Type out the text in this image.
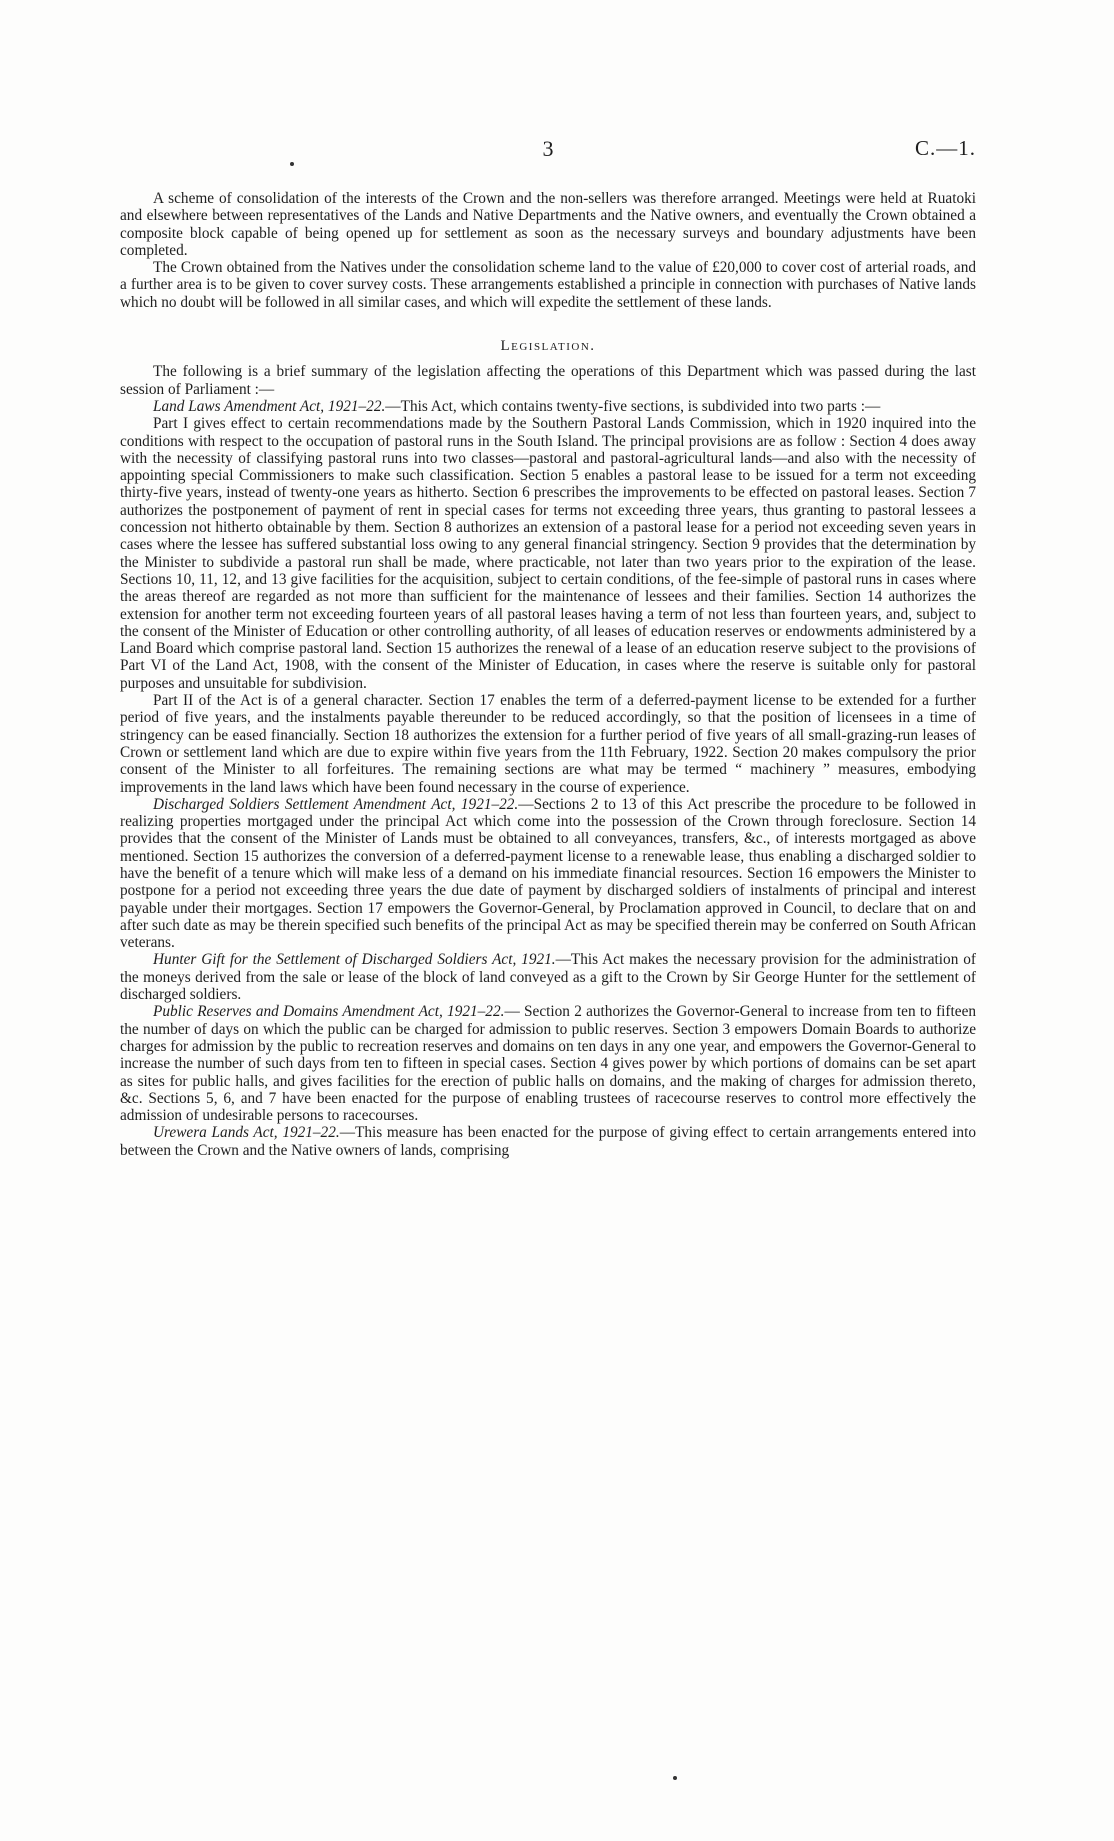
3	C.—1.

A scheme of consolidation of the interests of the Crown and the non-sellers was therefore arranged. Meetings were held at Ruatoki and elsewhere between representatives of the Lands and Native Departments and the Native owners, and eventually the Crown obtained a composite block capable of being opened up for settlement as soon as the necessary surveys and boundary adjustments have been completed.

The Crown obtained from the Natives under the consolidation scheme land to the value of £20,000 to cover cost of arterial roads, and a further area is to be given to cover survey costs. These arrangements established a principle in connection with purchases of Native lands which no doubt will be followed in all similar cases, and which will expedite the settlement of these lands.

Legislation.

The following is a brief summary of the legislation affecting the operations of this Department which was passed during the last session of Parliament :—

Land Laws Amendment Act, 1921–22.—This Act, which contains twenty-five sections, is subdivided into two parts :—

Part I gives effect to certain recommendations made by the Southern Pastoral Lands Commission, which in 1920 inquired into the conditions with respect to the occupation of pastoral runs in the South Island. The principal provisions are as follow : Section 4 does away with the necessity of classifying pastoral runs into two classes—pastoral and pastoral-agricultural lands—and also with the necessity of appointing special Commissioners to make such classification. Section 5 enables a pastoral lease to be issued for a term not exceeding thirty-five years, instead of twenty-one years as hitherto. Section 6 prescribes the improvements to be effected on pastoral leases. Section 7 authorizes the postponement of payment of rent in special cases for terms not exceeding three years, thus granting to pastoral lessees a concession not hitherto obtainable by them. Section 8 authorizes an extension of a pastoral lease for a period not exceeding seven years in cases where the lessee has suffered substantial loss owing to any general financial stringency. Section 9 provides that the determination by the Minister to subdivide a pastoral run shall be made, where practicable, not later than two years prior to the expiration of the lease. Sections 10, 11, 12, and 13 give facilities for the acquisition, subject to certain conditions, of the fee-simple of pastoral runs in cases where the areas thereof are regarded as not more than sufficient for the maintenance of lessees and their families. Section 14 authorizes the extension for another term not exceeding fourteen years of all pastoral leases having a term of not less than fourteen years, and, subject to the consent of the Minister of Education or other controlling authority, of all leases of education reserves or endowments administered by a Land Board which comprise pastoral land. Section 15 authorizes the renewal of a lease of an education reserve subject to the provisions of Part VI of the Land Act, 1908, with the consent of the Minister of Education, in cases where the reserve is suitable only for pastoral purposes and unsuitable for subdivision.

Part II of the Act is of a general character. Section 17 enables the term of a deferred-payment license to be extended for a further period of five years, and the instalments payable thereunder to be reduced accordingly, so that the position of licensees in a time of stringency can be eased financially. Section 18 authorizes the extension for a further period of five years of all small-grazing-run leases of Crown or settlement land which are due to expire within five years from the 11th February, 1922. Section 20 makes compulsory the prior consent of the Minister to all forfeitures. The remaining sections are what may be termed “ machinery ” measures, embodying improvements in the land laws which have been found necessary in the course of experience.

Discharged Soldiers Settlement Amendment Act, 1921–22.—Sections 2 to 13 of this Act prescribe the procedure to be followed in realizing properties mortgaged under the principal Act which come into the possession of the Crown through foreclosure. Section 14 provides that the consent of the Minister of Lands must be obtained to all conveyances, transfers, &c., of interests mortgaged as above mentioned. Section 15 authorizes the conversion of a deferred-payment license to a renewable lease, thus enabling a discharged soldier to have the benefit of a tenure which will make less of a demand on his immediate financial resources. Section 16 empowers the Minister to postpone for a period not exceeding three years the due date of payment by discharged soldiers of instalments of principal and interest payable under their mortgages. Section 17 empowers the Governor-General, by Proclamation approved in Council, to declare that on and after such date as may be therein specified such benefits of the principal Act as may be specified therein may be conferred on South African veterans.

Hunter Gift for the Settlement of Discharged Soldiers Act, 1921.—This Act makes the necessary provision for the administration of the moneys derived from the sale or lease of the block of land conveyed as a gift to the Crown by Sir George Hunter for the settlement of discharged soldiers.

Public Reserves and Domains Amendment Act, 1921–22.— Section 2 authorizes the Governor-General to increase from ten to fifteen the number of days on which the public can be charged for admission to public reserves. Section 3 empowers Domain Boards to authorize charges for admission by the public to recreation reserves and domains on ten days in any one year, and empowers the Governor-General to increase the number of such days from ten to fifteen in special cases. Section 4 gives power by which portions of domains can be set apart as sites for public halls, and gives facilities for the erection of public halls on domains, and the making of charges for admission thereto, &c. Sections 5, 6, and 7 have been enacted for the purpose of enabling trustees of racecourse reserves to control more effectively the admission of undesirable persons to racecourses.

Urewera Lands Act, 1921–22.—This measure has been enacted for the purpose of giving effect to certain arrangements entered into between the Crown and the Native owners of lands, comprising
